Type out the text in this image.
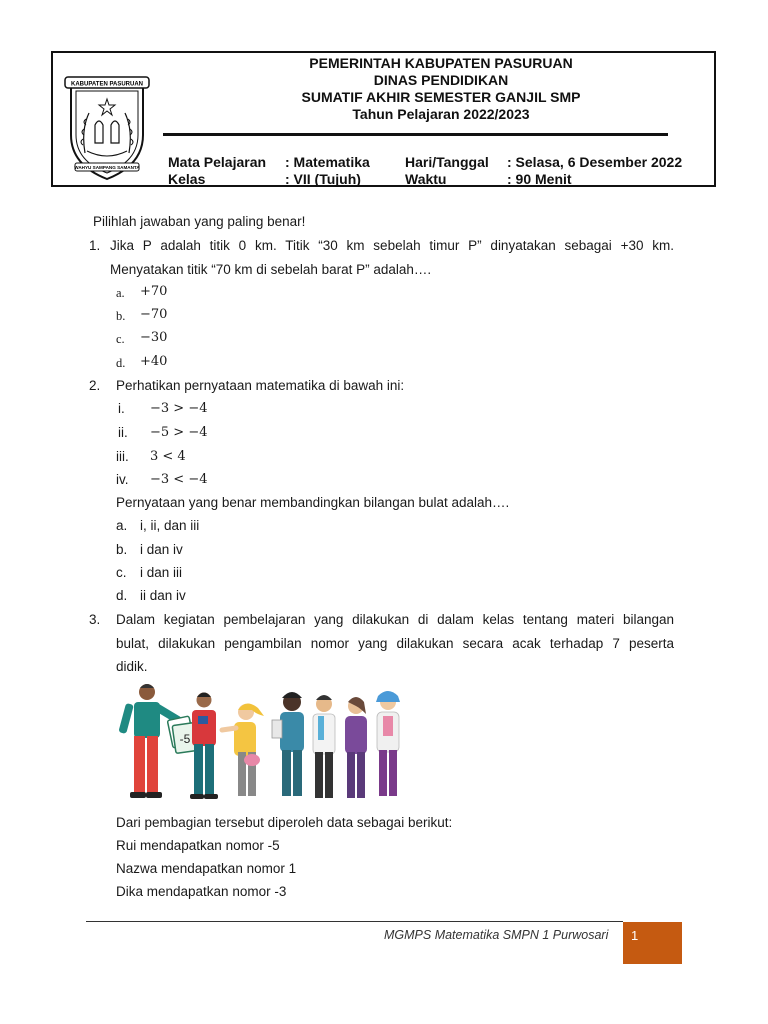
KABUPATEN PASURUAN
WAHYU SAMPANG SAMANTA
PEMERINTAH KABUPATEN PASURUAN
DINAS PENDIDIKAN
SUMATIF AKHIR SEMESTER GANJIL SMP
Tahun Pelajaran 2022/2023
Mata Pelajaran : Matematika
Kelas	: VII (Tujuh)
Hari/Tanggal : Selasa, 6 Desember 2022
Waktu	: 90 Menit
Pilihlah jawaban yang paling benar!
1. Jika P adalah titik 0 km. Titik “30 km sebelah timur P” dinyatakan sebagai +30 km.
Menyatakan titik “70 km di sebelah barat P” adalah….
a. +70
b. −70
c. −30
d. +40
2. Perhatikan pernyataan matematika di bawah ini:
i. −3 > −4
ii. −5 > −4
iii. 3 < 4
iv. −3 < −4
Pernyataan yang benar membandingkan bilangan bulat adalah….
a. i, ii, dan iii
b. i dan iv
c. i dan iii
d. ii dan iv
3. Dalam kegiatan pembelajaran yang dilakukan di dalam kelas tentang materi bilangan
bulat, dilakukan pengambilan nomor yang dilakukan secara acak terhadap 7 peserta
didik.
-5
Dari pembagian tersebut diperoleh data sebagai berikut:
Rui mendapatkan nomor -5
Nazwa mendapatkan nomor 1
Dika mendapatkan nomor -3
MGMPS Matematika SMPN 1 Purwosari 1
